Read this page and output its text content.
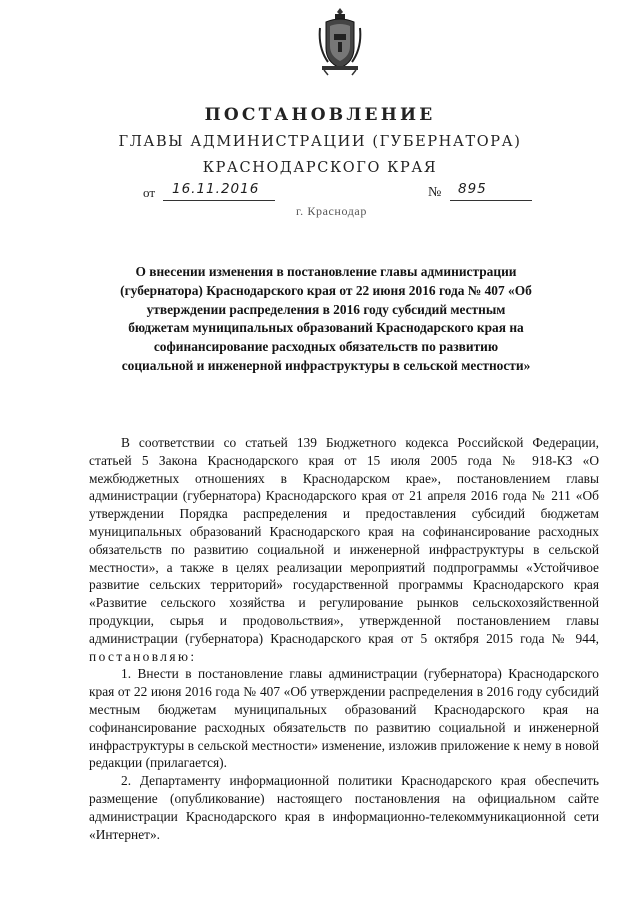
ПОСТАНОВЛЕНИЕ
ГЛАВЫ АДМИНИСТРАЦИИ (ГУБЕРНАТОРА)
КРАСНОДАРСКОГО КРАЯ
от 16.11.2016	№ 895
г. Краснодар
О внесении изменения в постановление главы администрации (губернатора) Краснодарского края от 22 июня 2016 года № 407 «Об утверждении распределения в 2016 году субсидий местным бюджетам муниципальных образований Краснодарского края на софинансирование расходных обязательств по развитию социальной и инженерной инфраструктуры в сельской местности»

В соответствии со статьей 139 Бюджетного кодекса Российской Федерации, статьей 5 Закона Краснодарского края от 15 июля 2005 года № 918-КЗ «О межбюджетных отношениях в Краснодарском крае», постановлением главы администрации (губернатора) Краснодарского края от 21 апреля 2016 года № 211 «Об утверждении Порядка распределения и предоставления субсидий бюджетам муниципальных образований Краснодарского края на софинансирование расходных обязательств по развитию социальной и инженерной инфраструктуры в сельской местности», а также в целях реализации мероприятий подпрограммы «Устойчивое развитие сельских территорий» государственной программы Краснодарского края «Развитие сельского хозяйства и регулирование рынков сельскохозяйственной продукции, сырья и продовольствия», утвержденной постановлением главы администрации (губернатора) Краснодарского края от 5 октября 2015 года № 944, постановляю:

1. Внести в постановление главы администрации (губернатора) Краснодарского края от 22 июня 2016 года № 407 «Об утверждении распределения в 2016 году субсидий местным бюджетам муниципальных образований Краснодарского края на софинансирование расходных обязательств по развитию социальной и инженерной инфраструктуры в сельской местности» изменение, изложив приложение к нему в новой редакции (прилагается).

2. Департаменту информационной политики Краснодарского края обеспечить размещение (опубликование) настоящего постановления на официальном сайте администрации Краснодарского края в информационно-телекоммуникационной сети «Интернет».
